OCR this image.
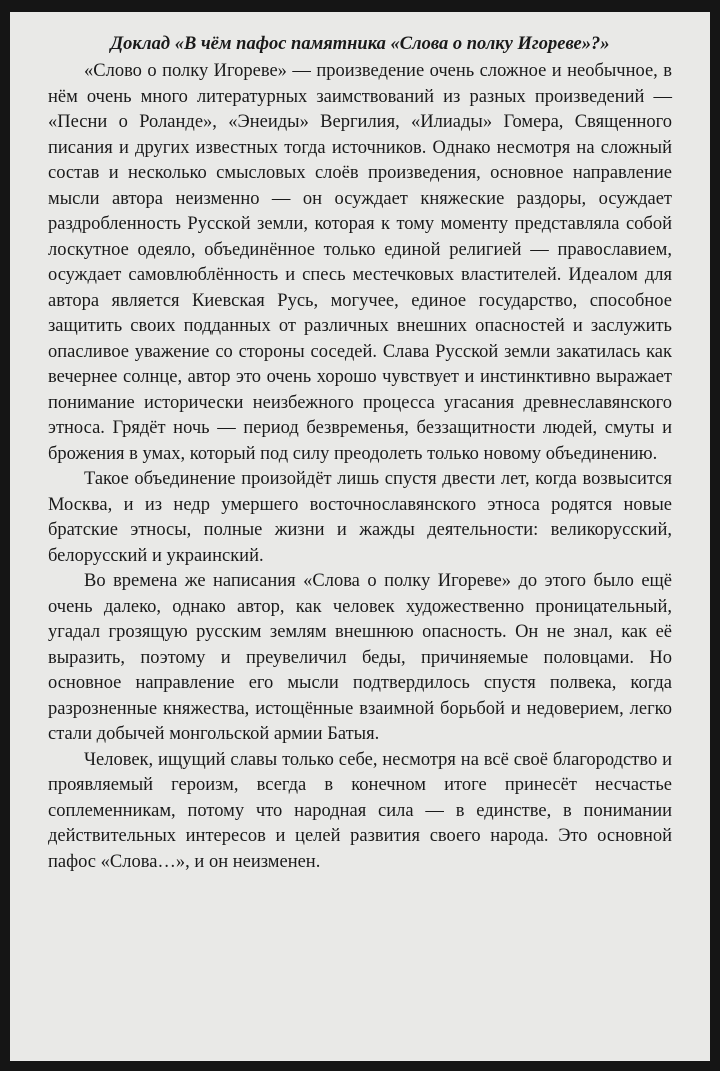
Доклад «В чём пафос памятника «Слова о полку Игореве»?»

«Слово о полку Игореве» — произведение очень сложное и необычное, в нём очень много литературных заимствований из разных произведений — «Песни о Роланде», «Энеиды» Вергилия, «Илиады» Гомера, Священного писания и других известных тогда источников. Однако несмотря на сложный состав и несколько смысловых слоёв произведения, основное направление мысли автора неизменно — он осуждает княжеские раздоры, осуждает раздробленность Русской земли, которая к тому моменту представляла собой лоскутное одеяло, объединённое только единой религией — православием, осуждает самовлюблённость и спесь местечковых властителей. Идеалом для автора является Киевская Русь, могучее, единое государство, способное защитить своих подданных от различных внешних опасностей и заслужить опасливое уважение со стороны соседей. Слава Русской земли закатилась как вечернее солнце, автор это очень хорошо чувствует и инстинктивно выражает понимание исторически неизбежного процесса угасания древнеславянского этноса. Грядёт ночь — период безвременья, беззащитности людей, смуты и брожения в умах, который под силу преодолеть только новому объединению.

Такое объединение произойдёт лишь спустя двести лет, когда возвысится Москва, и из недр умершего восточнославянского этноса родятся новые братские этносы, полные жизни и жажды деятельности: великорусский, белорусский и украинский.

Во времена же написания «Слова о полку Игореве» до этого было ещё очень далеко, однако автор, как человек художественно проницательный, угадал грозящую русским землям внешнюю опасность. Он не знал, как её выразить, поэтому и преувеличил беды, причиняемые половцами. Но основное направление его мысли подтвердилось спустя полвека, когда разрозненные княжества, истощённые взаимной борьбой и недоверием, легко стали добычей монгольской армии Батыя.

Человек, ищущий славы только себе, несмотря на всё своё благородство и проявляемый героизм, всегда в конечном итоге принесёт несчастье соплеменникам, потому что народная сила — в единстве, в понимании действительных интересов и целей развития своего народа. Это основной пафос «Слова…», и он неизменен.
